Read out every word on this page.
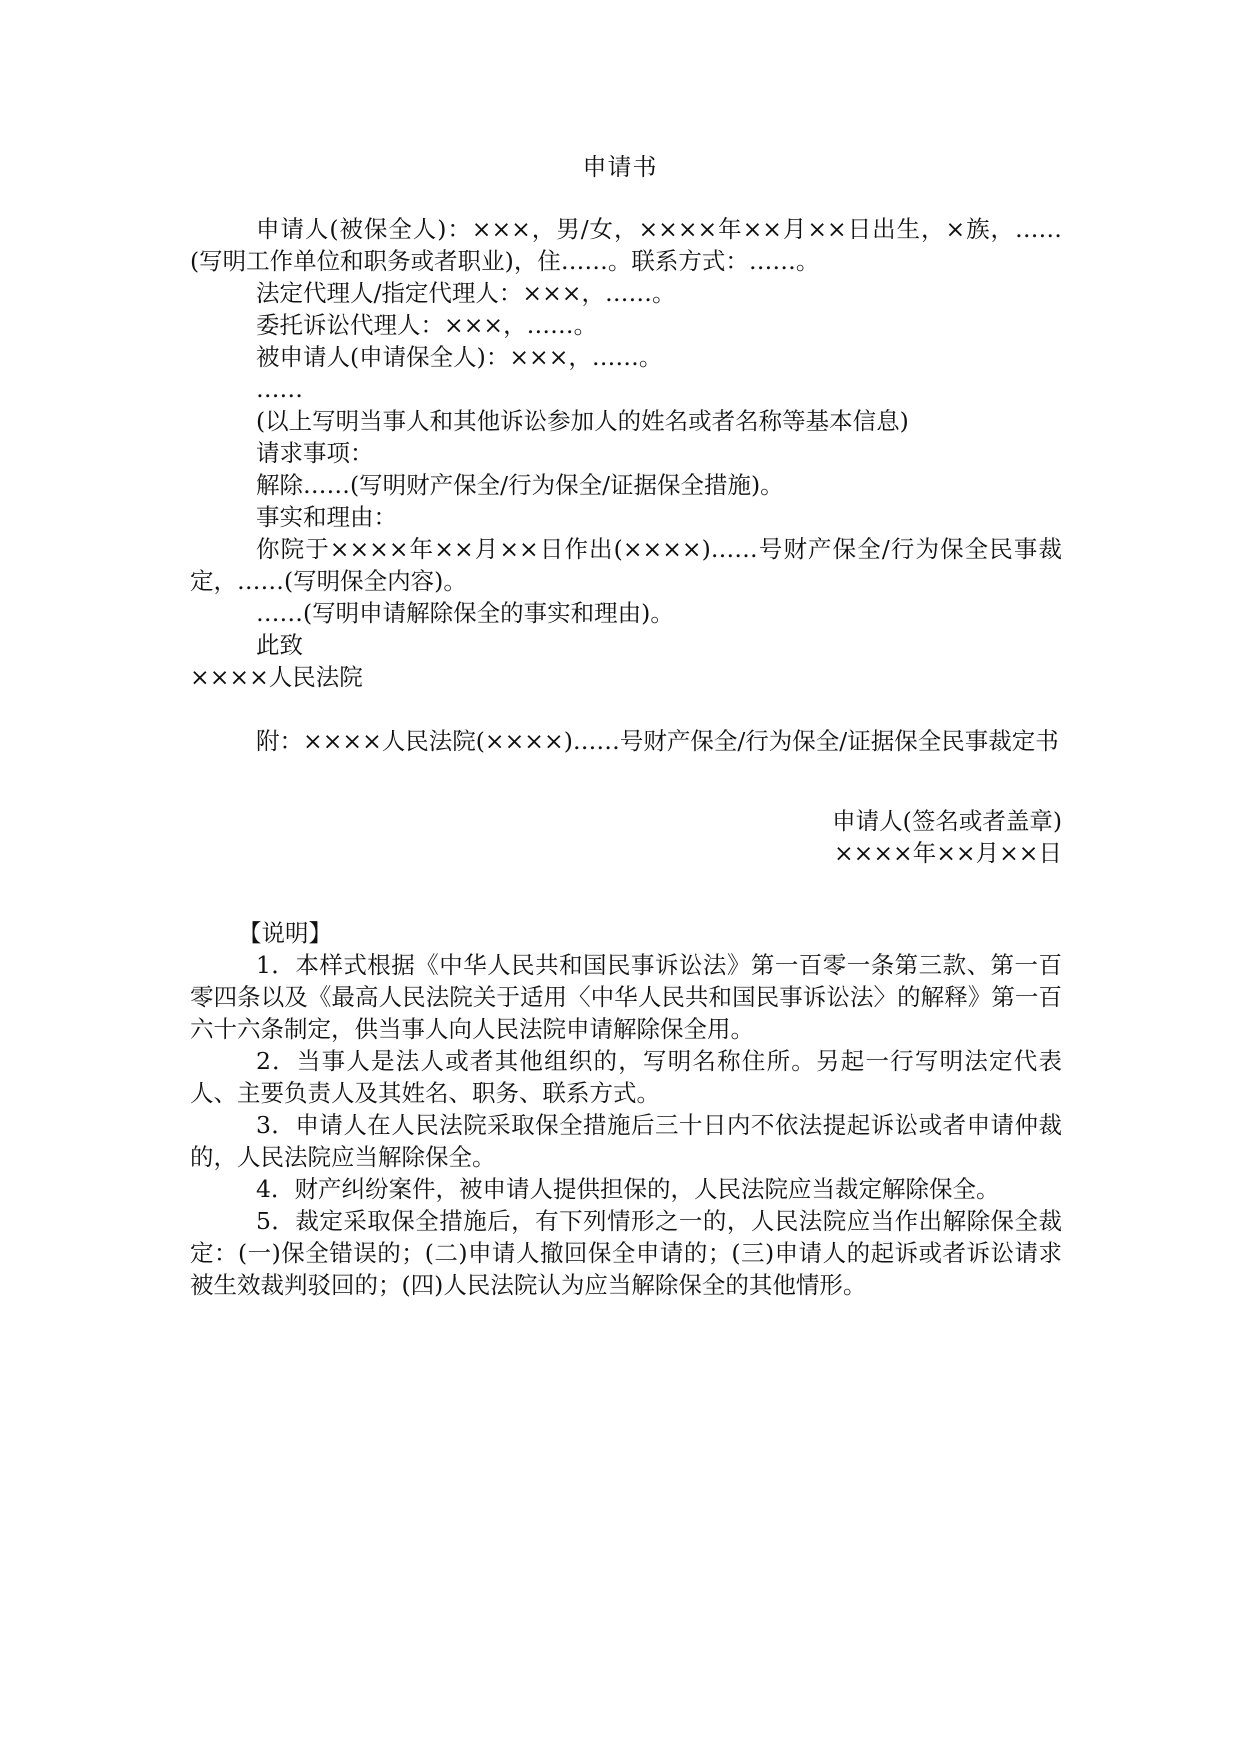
申请书

申请人(被保全人)：×××，男/女，××××年××月××日出生，×族，……(写明工作单位和职务或者职业)，住……。联系方式：……。

法定代理人/指定代理人：×××，……。

委托诉讼代理人：×××，……。

被申请人(申请保全人)：×××，……。

……

(以上写明当事人和其他诉讼参加人的姓名或者名称等基本信息)

请求事项：

解除……(写明财产保全/行为保全/证据保全措施)。

事实和理由：

你院于××××年××月××日作出(××××)……号财产保全/行为保全民事裁定，……(写明保全内容)。

……(写明申请解除保全的事实和理由)。

此致

××××人民法院

附：××××人民法院(××××)……号财产保全/行为保全/证据保全民事裁定书

申请人(签名或者盖章)

××××年××月××日

【说明】

1．本样式根据《中华人民共和国民事诉讼法》第一百零一条第三款、第一百零四条以及《最高人民法院关于适用〈中华人民共和国民事诉讼法〉的解释》第一百六十六条制定，供当事人向人民法院申请解除保全用。

2．当事人是法人或者其他组织的，写明名称住所。另起一行写明法定代表人、主要负责人及其姓名、职务、联系方式。

3．申请人在人民法院采取保全措施后三十日内不依法提起诉讼或者申请仲裁的，人民法院应当解除保全。

4．财产纠纷案件，被申请人提供担保的，人民法院应当裁定解除保全。

5．裁定采取保全措施后，有下列情形之一的，人民法院应当作出解除保全裁定：(一)保全错误的；(二)申请人撤回保全申请的；(三)申请人的起诉或者诉讼请求被生效裁判驳回的；(四)人民法院认为应当解除保全的其他情形。
